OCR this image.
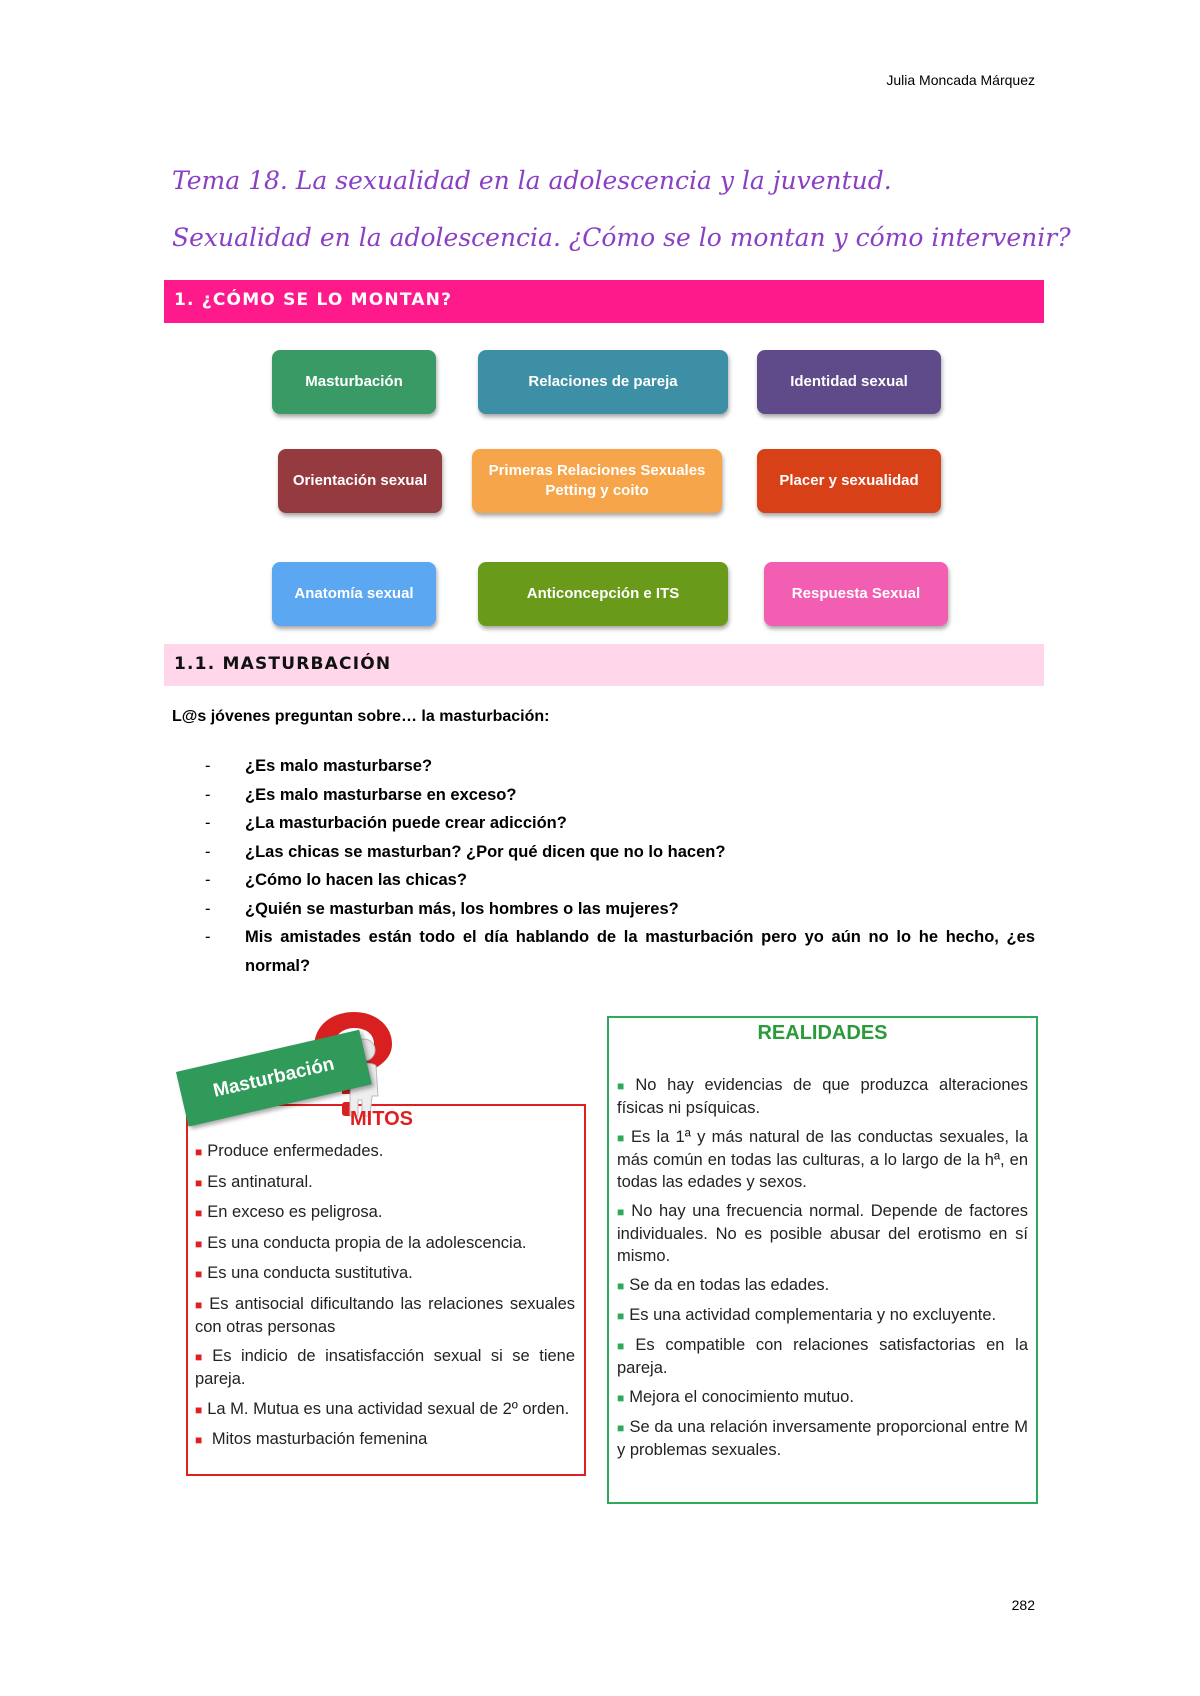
Julia Moncada Márquez
Tema 18. La sexualidad en la adolescencia y la juventud.
Sexualidad en la adolescencia. ¿Cómo se lo montan y cómo intervenir?
1. ¿CÓMO SE LO MONTAN?
Masturbación	Relaciones de pareja	Identidad sexual
Orientación sexual
Primeras Relaciones Sexuales
Petting y coito
Placer y sexualidad
Anatomía sexual	Anticoncepción e ITS	Respuesta Sexual
1.1. MASTURBACIÓN
L@s jóvenes preguntan sobre… la masturbación:
- ¿Es malo masturbarse?
- ¿Es malo masturbarse en exceso?
- ¿La masturbación puede crear adicción?
- ¿Las chicas se masturban? ¿Por qué dicen que no lo hacen?
- ¿Cómo lo hacen las chicas?
- ¿Quién se masturban más, los hombres o las mujeres?
- Mis amistades están todo el día hablando de la masturbación pero yo aún no lo he hecho, ¿es normal?
Masturbación
MITOS
■ Produce enfermedades.
■ Es antinatural.
■ En exceso es peligrosa.
■ Es una conducta propia de la adolescencia.
■ Es una conducta sustitutiva.
■ Es antisocial dificultando las relaciones sexuales con otras personas
■ Es indicio de insatisfacción sexual si se tiene pareja.
■ La M. Mutua es una actividad sexual de 2º orden.
■ Mitos masturbación femenina
REALIDADES
■ No hay evidencias de que produzca alteraciones físicas ni psíquicas.
■ Es la 1ª y más natural de las conductas sexuales, la más común en todas las culturas, a lo largo de la hª, en todas las edades y sexos.
■ No hay una frecuencia normal. Depende de factores individuales. No es posible abusar del erotismo en sí mismo.
■ Se da en todas las edades.
■ Es una actividad complementaria y no excluyente.
■ Es compatible con relaciones satisfactorias en la pareja.
■ Mejora el conocimiento mutuo.
■ Se da una relación inversamente proporcional entre M y problemas sexuales.
282
